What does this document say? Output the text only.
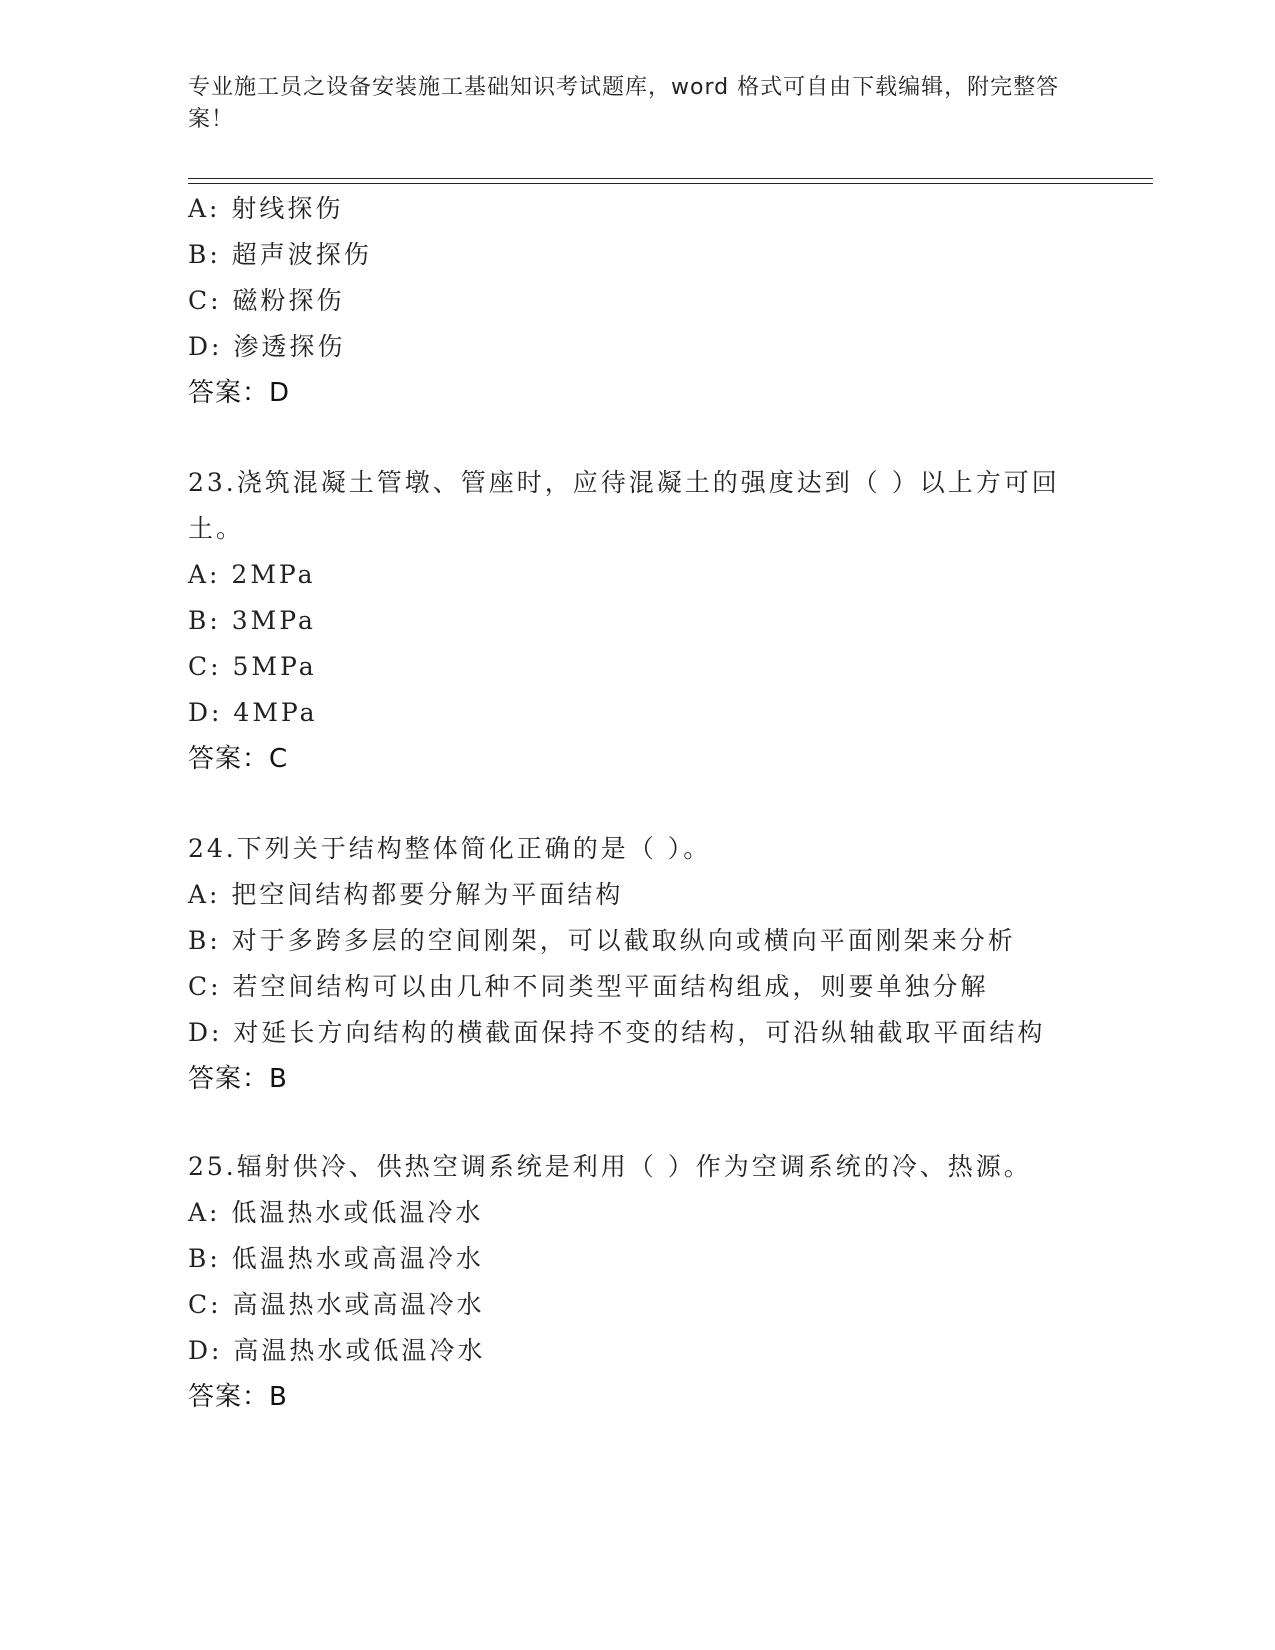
专业施工员之设备安装施工基础知识考试题库，word 格式可自由下载编辑，附完整答案！
A: 射线探伤
B: 超声波探伤
C: 磁粉探伤
D: 渗透探伤
答案：D
23.浇筑混凝土管墩、管座时，应待混凝土的强度达到（ ）以上方可回土。
A: 2MPa
B: 3MPa
C: 5MPa
D: 4MPa
答案：C
24.下列关于结构整体简化正确的是（ ）。
A: 把空间结构都要分解为平面结构
B: 对于多跨多层的空间刚架，可以截取纵向或横向平面刚架来分析
C: 若空间结构可以由几种不同类型平面结构组成，则要单独分解
D: 对延长方向结构的横截面保持不变的结构，可沿纵轴截取平面结构
答案：B
25.辐射供冷、供热空调系统是利用（ ）作为空调系统的冷、热源。
A: 低温热水或低温冷水
B: 低温热水或高温冷水
C: 高温热水或高温冷水
D: 高温热水或低温冷水
答案：B
